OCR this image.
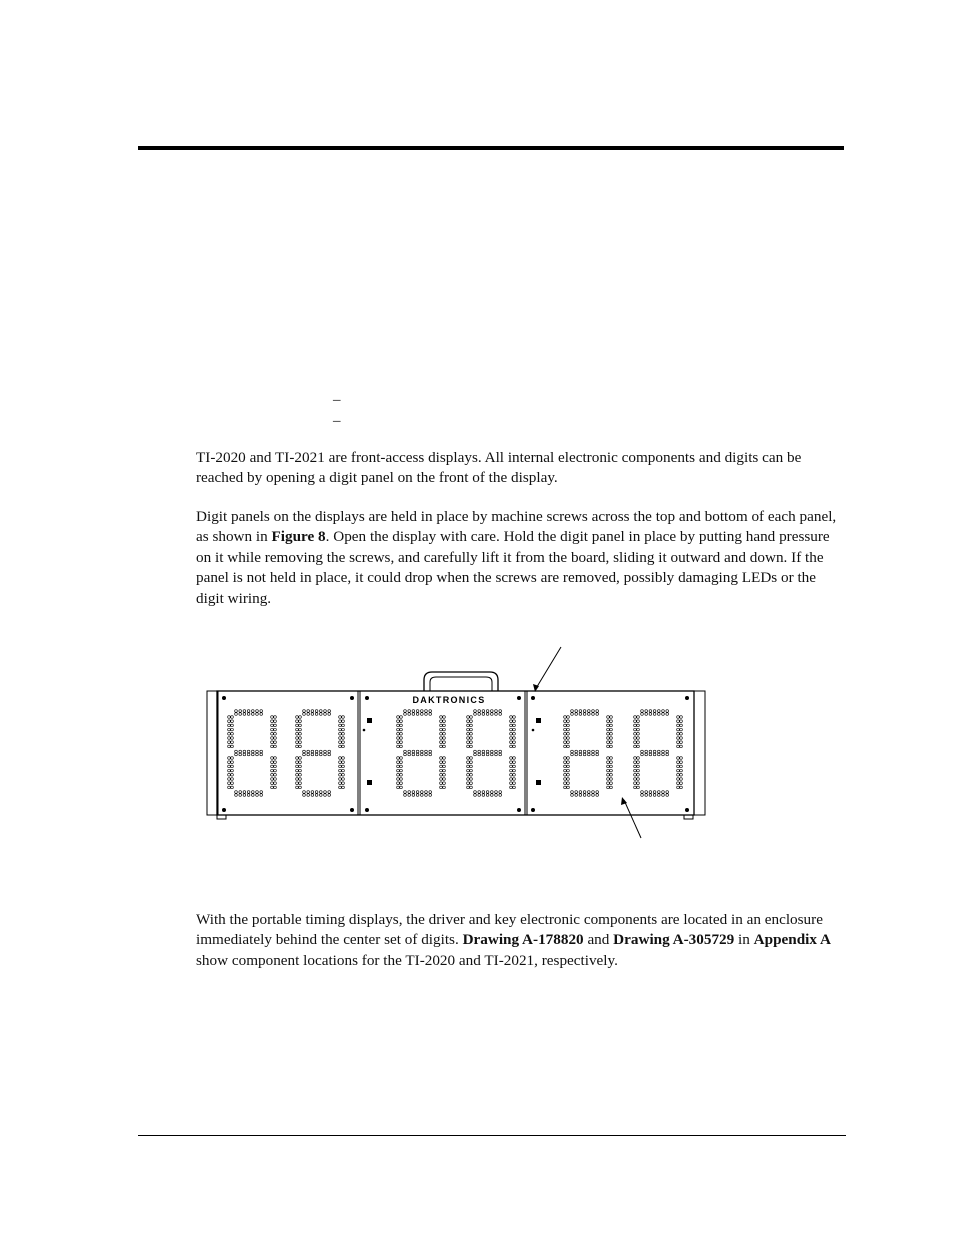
–
–

TI-2020 and TI-2021 are front-access displays. All internal electronic components and digits can be reached by opening a digit panel on the front of the display.

Digit panels on the displays are held in place by machine screws across the top and bottom of each panel, as shown in Figure 8. Open the display with care. Hold the digit panel in place by putting hand pressure on it while removing the screws, and carefully lift it from the board, sliding it outward and down. If the panel is not held in place, it could drop when the screws are removed, possibly damaging LEDs or the digit wiring.

DAKTRONICS

With the portable timing displays, the driver and key electronic components are located in an enclosure immediately behind the center set of digits. Drawing A-178820 and Drawing A-305729 in Appendix A show component locations for the TI-2020 and TI-2021, respectively.
